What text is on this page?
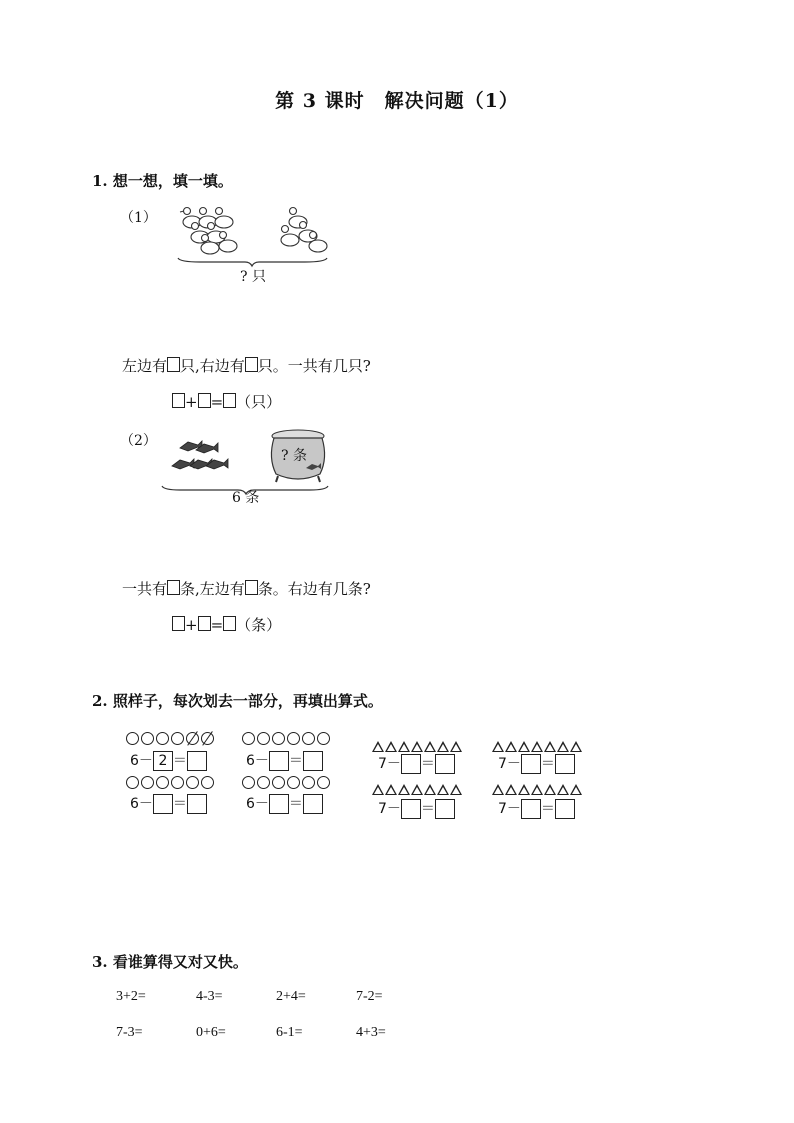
第 3 课时　解决问题（1）
1. 想一想，填一填。
（1）
? 只
左边有 只,右边有 只。一共有几只?
+ = （只）
（2）
? 条
6 条
一共有 条,左边有 条。右边有几条?
+ = （条）
2. 照样子，每次划去一部分，再填出算式。
6－ 2 ＝
6－ ＝
6－ ＝
6－ ＝
7－ ＝
7－ ＝
7－ ＝
7－ ＝
3. 看谁算得又对又快。
3+2=	4-3=	2+4=	7-2=
7-3=	0+6=	6-1=	4+3=
